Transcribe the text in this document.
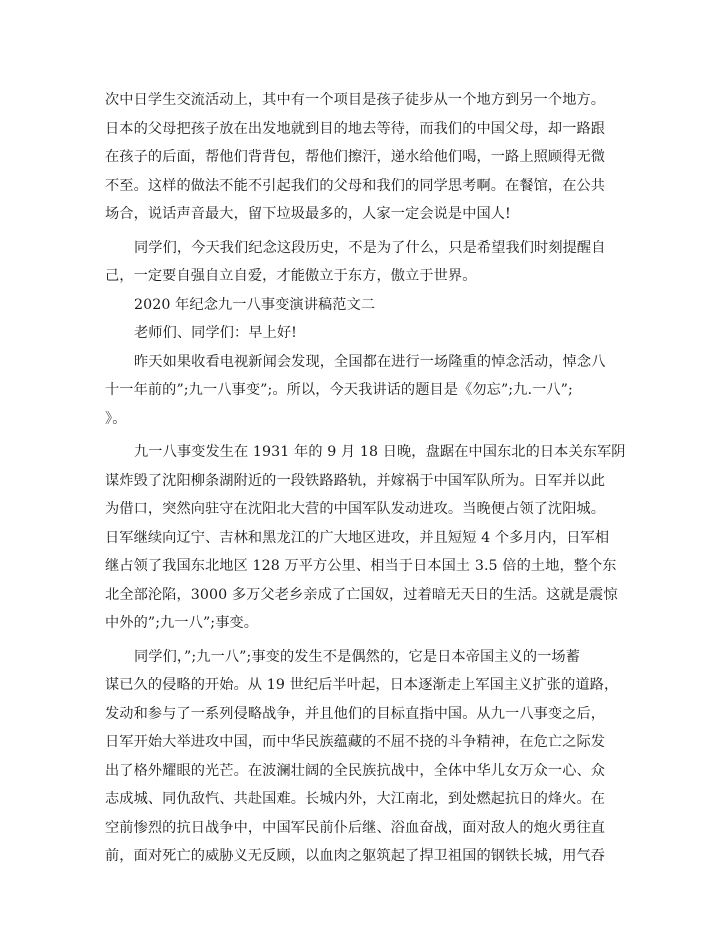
次中日学生交流活动上，其中有一个项目是孩子徒步从一个地方到另一个地方。
日本的父母把孩子放在出发地就到目的地去等待，而我们的中国父母，却一路跟
在孩子的后面，帮他们背背包，帮他们擦汗，递水给他们喝，一路上照顾得无微
不至。这样的做法不能不引起我们的父母和我们的同学思考啊。在餐馆，在公共
场合，说话声音最大，留下垃圾最多的，人家一定会说是中国人!
同学们，今天我们纪念这段历史，不是为了什么，只是希望我们时刻提醒自
己，一定要自强自立自爱，才能傲立于东方，傲立于世界。
2020 年纪念九一八事变演讲稿范文二
老师们、同学们：早上好!
昨天如果收看电视新闻会发现，全国都在进行一场隆重的悼念活动，悼念八
十一年前的”;九一八事变”;。所以，今天我讲话的题目是《勿忘”;九.一八”;
》。
九一八事变发生在 1931 年的 9 月 18 日晚，盘踞在中国东北的日本关东军阴
谋炸毁了沈阳柳条湖附近的一段铁路路轨，并嫁祸于中国军队所为。日军并以此
为借口，突然向驻守在沈阳北大营的中国军队发动进攻。当晚便占领了沈阳城。
日军继续向辽宁、吉林和黑龙江的广大地区进攻，并且短短 4 个多月内，日军相
继占领了我国东北地区 128 万平方公里、相当于日本国土 3.5 倍的土地，整个东
北全部沦陷，3000 多万父老乡亲成了亡国奴，过着暗无天日的生活。这就是震惊
中外的”;九一八”;事变。
同学们，”;九一八”;事变的发生不是偶然的，它是日本帝国主义的一场蓄
谋已久的侵略的开始。从 19 世纪后半叶起，日本逐渐走上军国主义扩张的道路，
发动和参与了一系列侵略战争，并且他们的目标直指中国。从九一八事变之后，
日军开始大举进攻中国，而中华民族蕴藏的不屈不挠的斗争精神，在危亡之际发
出了格外耀眼的光芒。在波澜壮阔的全民族抗战中，全体中华儿女万众一心、众
志成城、同仇敌忾、共赴国难。长城内外，大江南北，到处燃起抗日的烽火。在
空前惨烈的抗日战争中，中国军民前仆后继、浴血奋战，面对敌人的炮火勇往直
前，面对死亡的威胁义无反顾，以血肉之躯筑起了捍卫祖国的钢铁长城，用气吞
